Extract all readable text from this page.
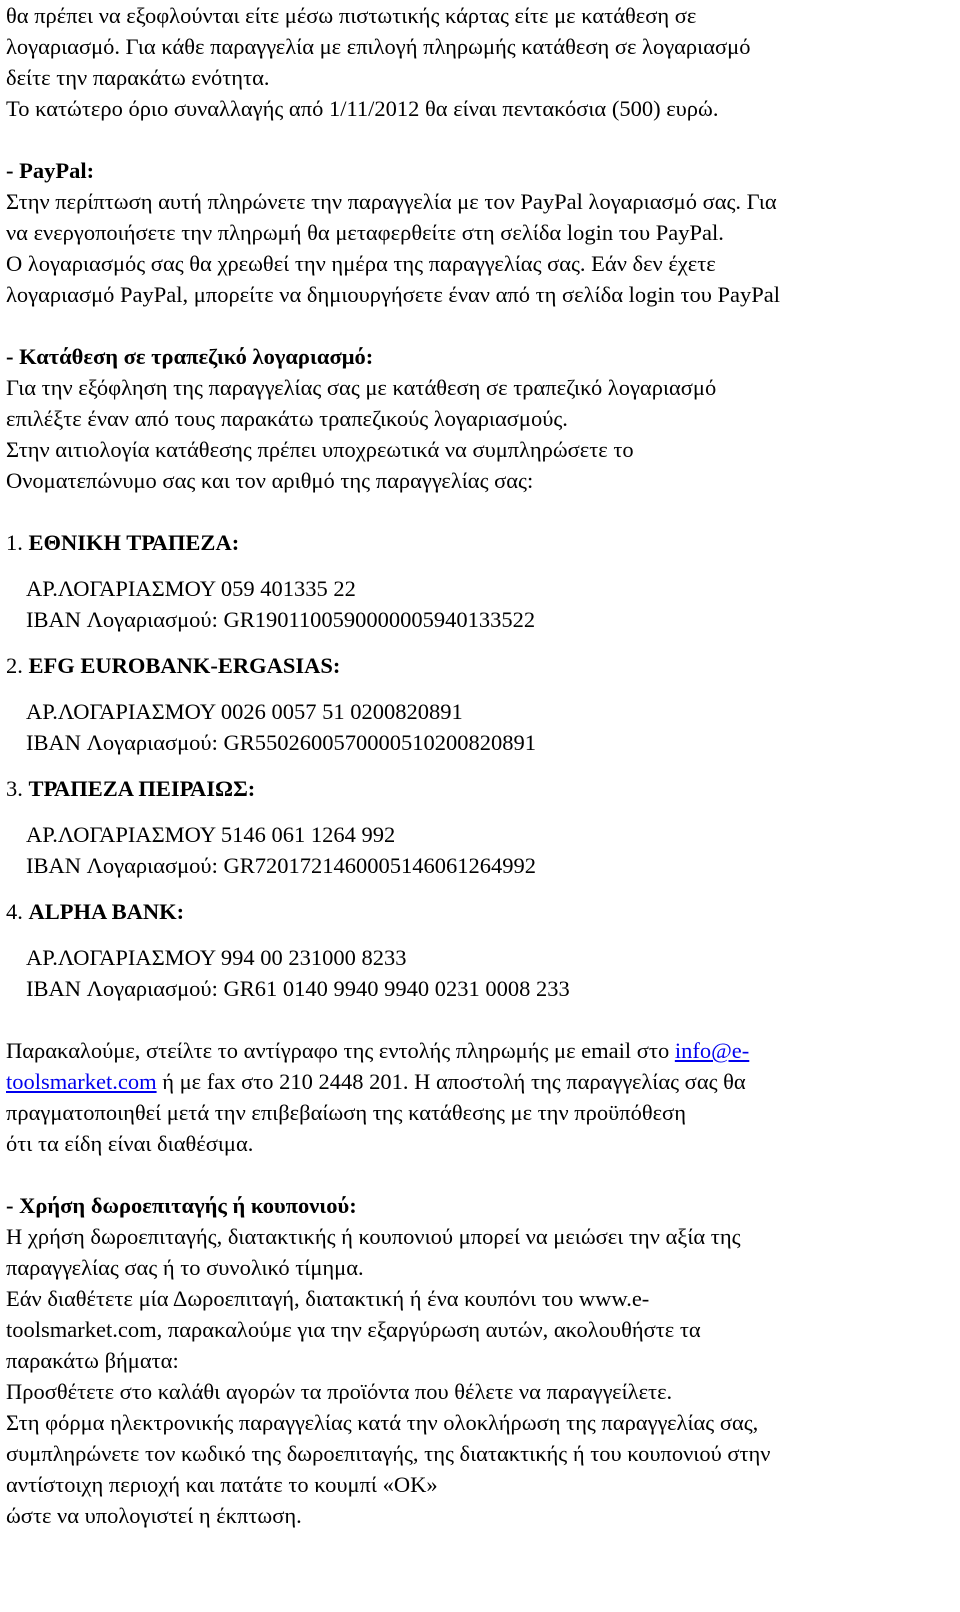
θα πρέπει να εξοφλούνται είτε μέσω πιστωτικής κάρτας είτε με κατάθεση σε
λογαριασμό. Για κάθε παραγγελία με επιλογή πληρωμής κατάθεση σε λογαριασμό
δείτε την παρακάτω ενότητα.
Το κατώτερο όριο συναλλαγής από 1/11/2012 θα είναι πεντακόσια (500) ευρώ.
- PayPal:
Στην περίπτωση αυτή πληρώνετε την παραγγελία με τον PayPal λογαριασμό σας. Για
να ενεργοποιήσετε την πληρωμή θα μεταφερθείτε στη σελίδα login του PayPal.
Ο λογαριασμός σας θα χρεωθεί την ημέρα της παραγγελίας σας. Εάν δεν έχετε
λογαριασμό PayPal, μπορείτε να δημιουργήσετε έναν από τη σελίδα login του PayPal
- Κατάθεση σε τραπεζικό λογαριασμό:
Για την εξόφληση της παραγγελίας σας με κατάθεση σε τραπεζικό λογαριασμό
επιλέξτε έναν από τους παρακάτω τραπεζικούς λογαριασμούς.
Στην αιτιολογία κατάθεσης πρέπει υποχρεωτικά να συμπληρώσετε το
Ονοματεπώνυμο σας και τον αριθμό της παραγγελίας σας:
1. ΕΘΝΙΚΗ ΤΡΑΠΕΖΑ:
ΑΡ.ΛΟΓΑΡΙΑΣΜΟΥ 059 401335 22
IBAN Λογαριασμού: GR1901100590000005940133522
2. EFG EUROBANK-ERGASIAS:
ΑΡ.ΛΟΓΑΡΙΑΣΜΟΥ 0026 0057 51 0200820891
IBAN Λογαριασμού: GR5502600570000510200820891
3. ΤΡΑΠΕΖΑ ΠΕΙΡΑΙΩΣ:
ΑΡ.ΛΟΓΑΡΙΑΣΜΟΥ 5146 061 1264 992
IBAN Λογαριασμού: GR7201721460005146061264992
4. ALPHA BANK:
ΑΡ.ΛΟΓΑΡΙΑΣΜΟΥ 994 00 231000 8233
IBAN Λογαριασμού: GR61 0140 9940 9940 0231 0008 233
Παρακαλούμε, στείλτε το αντίγραφο της εντολής πληρωμής με email στο info@e-
toolsmarket.com ή με fax στο 210 2448 201. Η αποστολή της παραγγελίας σας θα
πραγματοποιηθεί μετά την επιβεβαίωση της κατάθεσης με την προϋπόθεση
ότι τα είδη είναι διαθέσιμα.
- Χρήση δωροεπιταγής ή κουπονιού:
Η χρήση δωροεπιταγής, διατακτικής ή κουπονιού μπορεί να μειώσει την αξία της
παραγγελίας σας ή το συνολικό τίμημα.
Εάν διαθέτετε μία Δωροεπιταγή, διατακτική ή ένα κουπόνι του www.e-
toolsmarket.com, παρακαλούμε για την εξαργύρωση αυτών, ακολουθήστε τα
παρακάτω βήματα:
Προσθέτετε στο καλάθι αγορών τα προϊόντα που θέλετε να παραγγείλετε.
Στη φόρμα ηλεκτρονικής παραγγελίας κατά την ολοκλήρωση της παραγγελίας σας,
συμπληρώνετε τον κωδικό της δωροεπιταγής, της διατακτικής ή του κουπονιού στην
αντίστοιχη περιοχή και πατάτε το κουμπί «OK»
ώστε να υπολογιστεί η έκπτωση.
